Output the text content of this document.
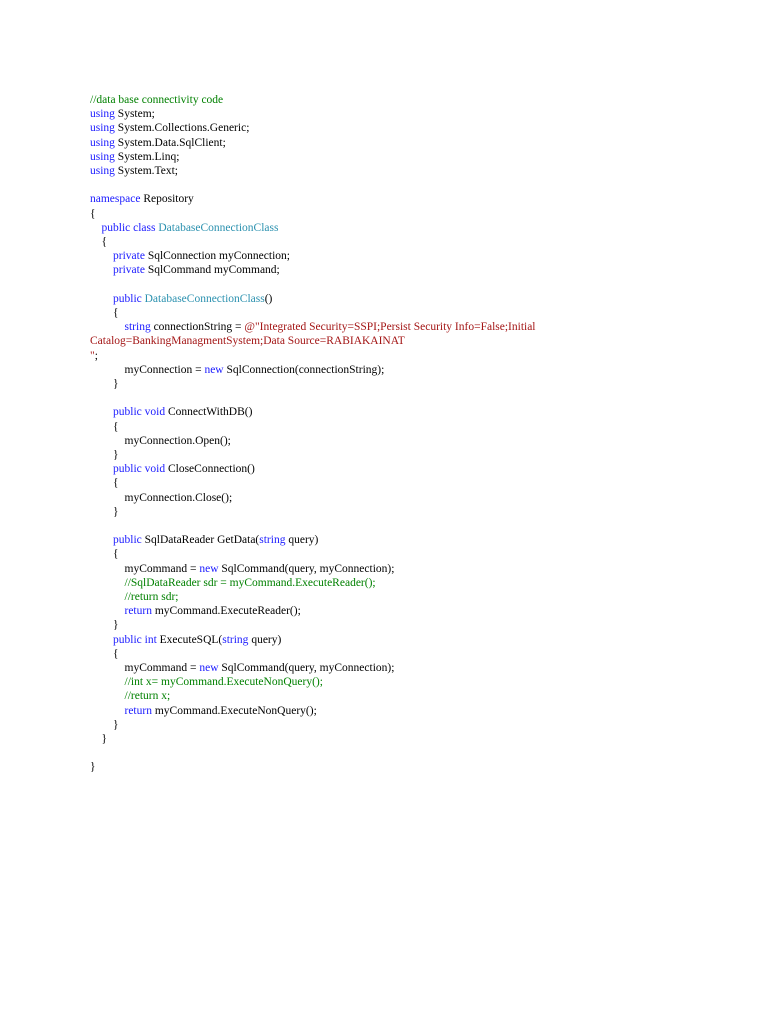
//data base connectivity code
using System;
using System.Collections.Generic;
using System.Data.SqlClient;
using System.Linq;
using System.Text;
namespace Repository
{
public class DatabaseConnectionClass
{
private SqlConnection myConnection;
private SqlCommand myCommand;
public DatabaseConnectionClass()
{
string connectionString = @"Integrated Security=SSPI;Persist Security Info=False;Initial
Catalog=BankingManagmentSystem;Data Source=RABIAKAINAT
";
myConnection = new SqlConnection(connectionString);
}
public void ConnectWithDB()
{
myConnection.Open();
}
public void CloseConnection()
{
myConnection.Close();
}
public SqlDataReader GetData(string query)
{
myCommand = new SqlCommand(query, myConnection);
//SqlDataReader sdr = myCommand.ExecuteReader();
//return sdr;
return myCommand.ExecuteReader();
}
public int ExecuteSQL(string query)
{
myCommand = new SqlCommand(query, myConnection);
//int x= myCommand.ExecuteNonQuery();
//return x;
return myCommand.ExecuteNonQuery();
}
}
}
